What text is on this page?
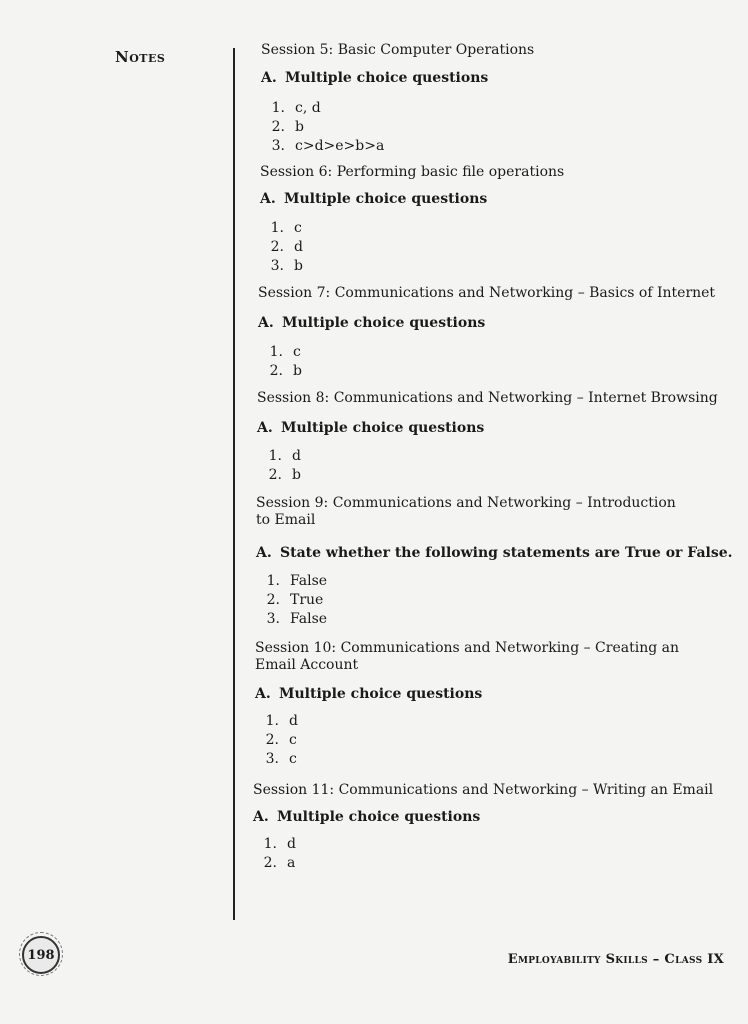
Notes	Session 5: Basic Computer Operations
A. Multiple choice questions
1. c, d
2. b
3. c>d>e>b>a
Session 6: Performing basic file operations
A. Multiple choice questions
1. c
2. d
3. b
Session 7: Communications and Networking – Basics of Internet
A. Multiple choice questions
1. c
2. b
Session 8: Communications and Networking – Internet Browsing
A. Multiple choice questions
1. d
2. b
Session 9: Communications and Networking – Introduction
to Email
A. State whether the following statements are True or False.
1. False
2. True
3. False
Session 10: Communications and Networking – Creating an
Email Account
A. Multiple choice questions
1. d
2. c
3. c
Session 11: Communications and Networking – Writing an Email
A. Multiple choice questions
1. d
2. a
198	Employability Skills – Class IX
